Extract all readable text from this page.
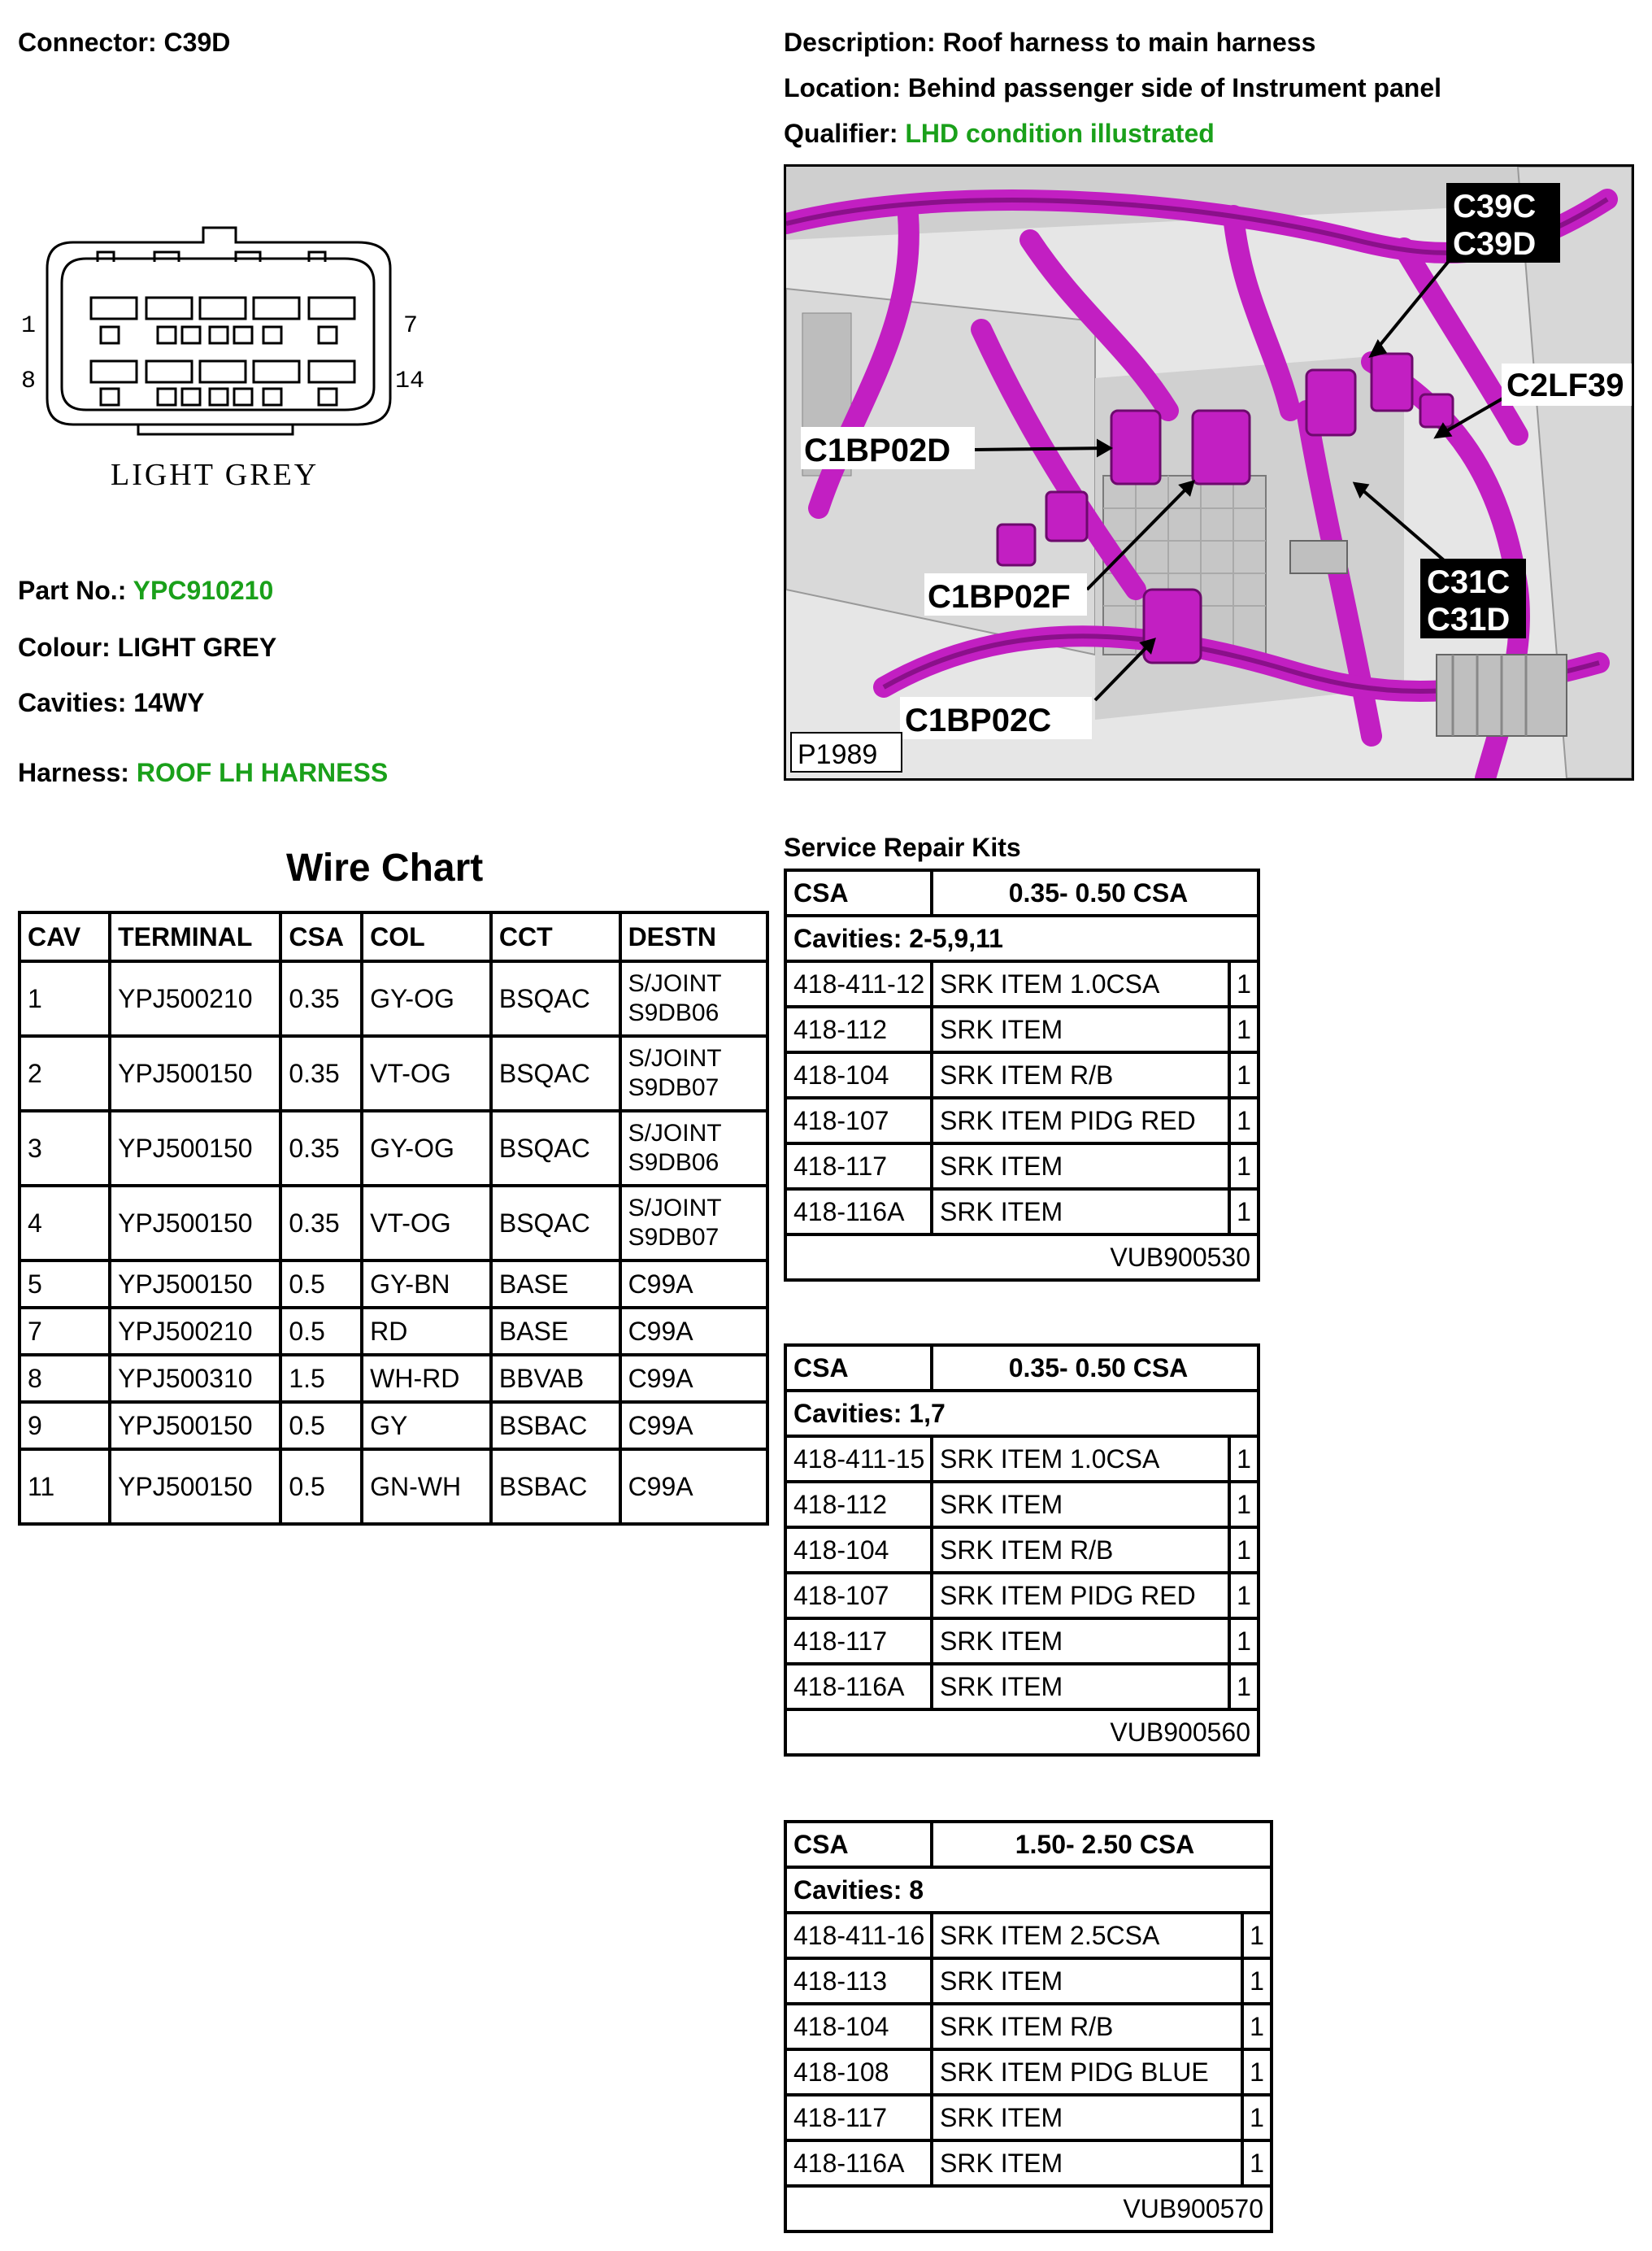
Connector: C39D	Description: Roof harness to main harness
Location: Behind passenger side of Instrument panel
Qualifier: LHD condition illustrated
1	7
8	14
LIGHT GREY
Part No.: YPC910210
Colour: LIGHT GREY
Cavities: 14WY
Harness: ROOF LH HARNESS
C39C
C39D
C2LF39
C1BP02D
C1BP02F	C31C
C31D
C1BP02C
P1989
Wire Chart
CAV	TERMINAL	CSA	COL	CCT	DESTN
1	YPJ500210	0.35	GY-OG	BSQAC	S/JOINT S9DB06
2	YPJ500150	0.35	VT-OG	BSQAC	S/JOINT S9DB07
3	YPJ500150	0.35	GY-OG	BSQAC	S/JOINT S9DB06
4	YPJ500150	0.35	VT-OG	BSQAC	S/JOINT S9DB07
5	YPJ500150	0.5	GY-BN	BASE	C99A
7	YPJ500210	0.5	RD	BASE	C99A
8	YPJ500310	1.5	WH-RD	BBVAB	C99A
9	YPJ500150	0.5	GY	BSBAC	C99A
11	YPJ500150	0.5	GN-WH	BSBAC	C99A
Service Repair Kits
CSA	0.35- 0.50 CSA
Cavities: 2-5,9,11
418-411-12 SRK ITEM 1.0CSA	1
418-112	SRK ITEM	1
418-104	SRK ITEM R/B	1
418-107	SRK ITEM PIDG RED	1
418-117	SRK ITEM	1
418-116A	SRK ITEM	1
VUB900530
CSA	0.35- 0.50 CSA
Cavities: 1,7
418-411-15 SRK ITEM 1.0CSA	1
418-112	SRK ITEM	1
418-104	SRK ITEM R/B	1
418-107	SRK ITEM PIDG RED	1
418-117	SRK ITEM	1
418-116A	SRK ITEM	1
VUB900560
CSA	1.50- 2.50 CSA
Cavities: 8
418-411-16 SRK ITEM 2.5CSA	1
418-113	SRK ITEM	1
418-104	SRK ITEM R/B	1
418-108	SRK ITEM PIDG BLUE	1
418-117	SRK ITEM	1
418-116A	SRK ITEM	1
VUB900570
